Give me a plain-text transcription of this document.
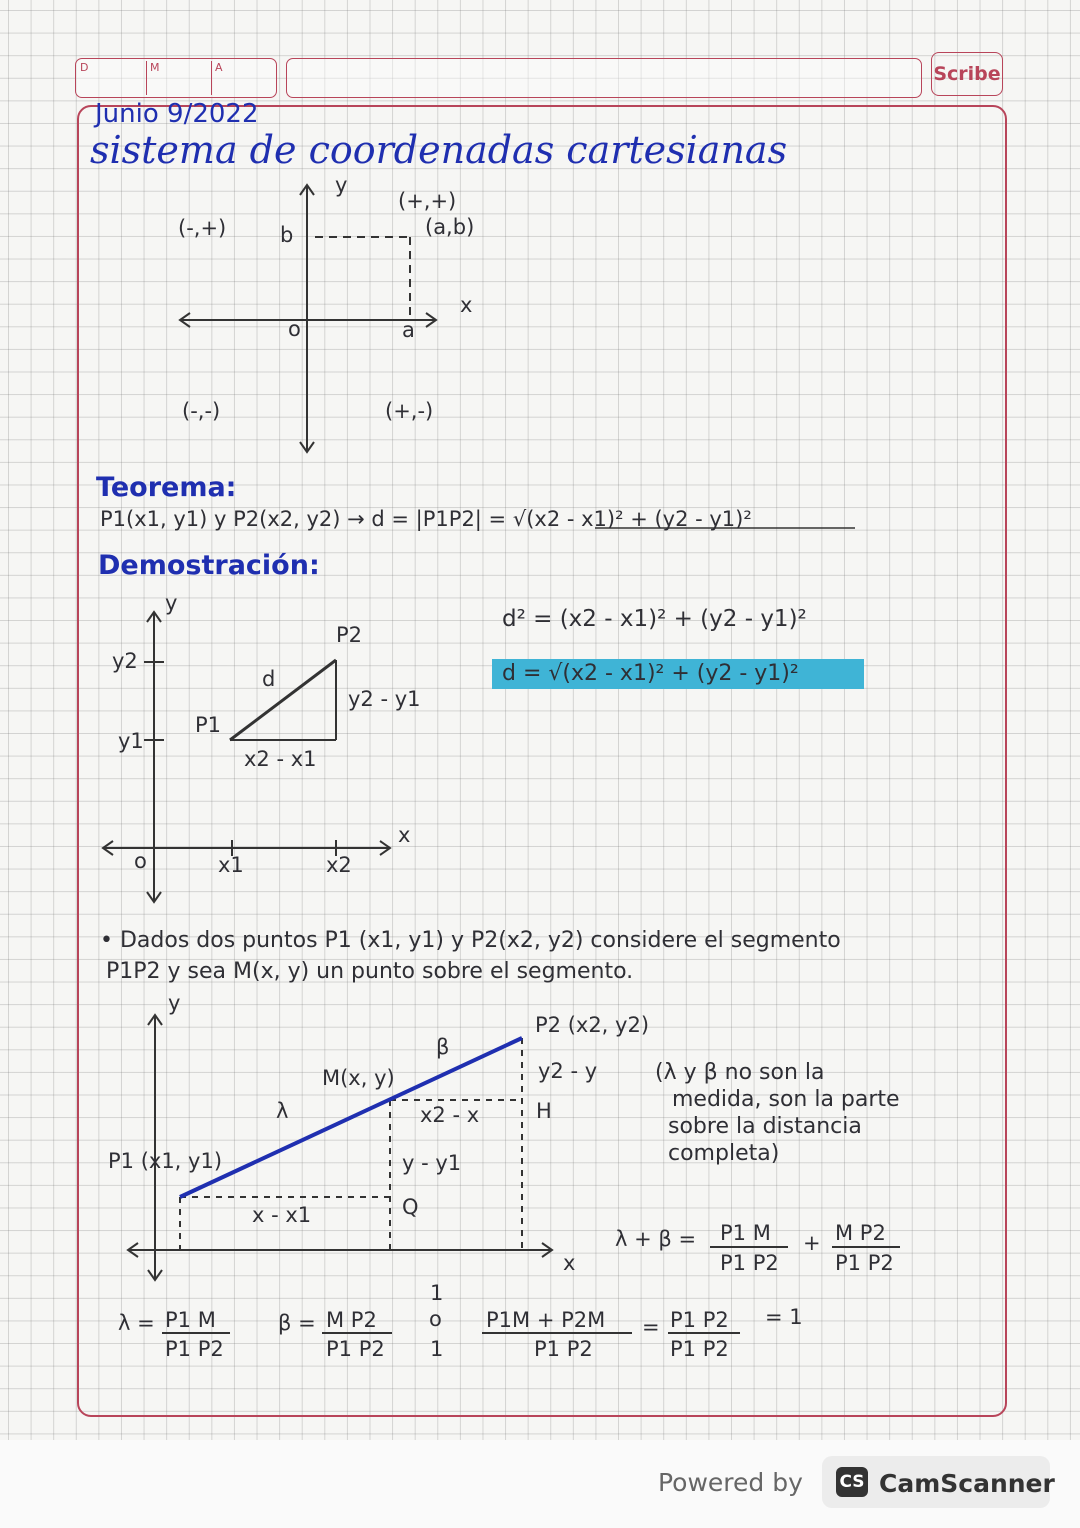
D	M	A	Scribe
Junio 9/2022
sistema de coordenadas cartesianas
y
x
(+,+)
(a,b)
(-,+)	b
o	a
(-,-)	(+,-)
y
y2
y1
P2
d
P1
y2 - y1
x2 - x1
x
o	x1	x2
y
P2 (x2, y2)
β
M(x, y)
λ
y2 - y
x2 - x	H
P1 (x1, y1)	y - y1
x - x1	Q
x
λ + β = P1 M
P1 P2
+ M P2
P1 P2
λ = P1 M
P1 P2
β = M P2
P1 P2
1
o
1
P1M + P2M
P1 P2
= P1 P2
P1 P2
= 1
Teorema:
P1(x1, y1) y P2(x2, y2) → d = |P1P2| = √(x2 - x1)² + (y2 - y1)²
Demostración:
d² = (x2 - x1)² + (y2 - y1)²
d = √(x2 - x1)² + (y2 - y1)²
• Dados dos puntos P1 (x1, y1) y P2(x2, y2) considere el segmento
P1P2 y sea M(x, y) un punto sobre el segmento.
(λ y β no son la
medida, son la parte
sobre la distancia
completa)
Powered by CS CamScanner
